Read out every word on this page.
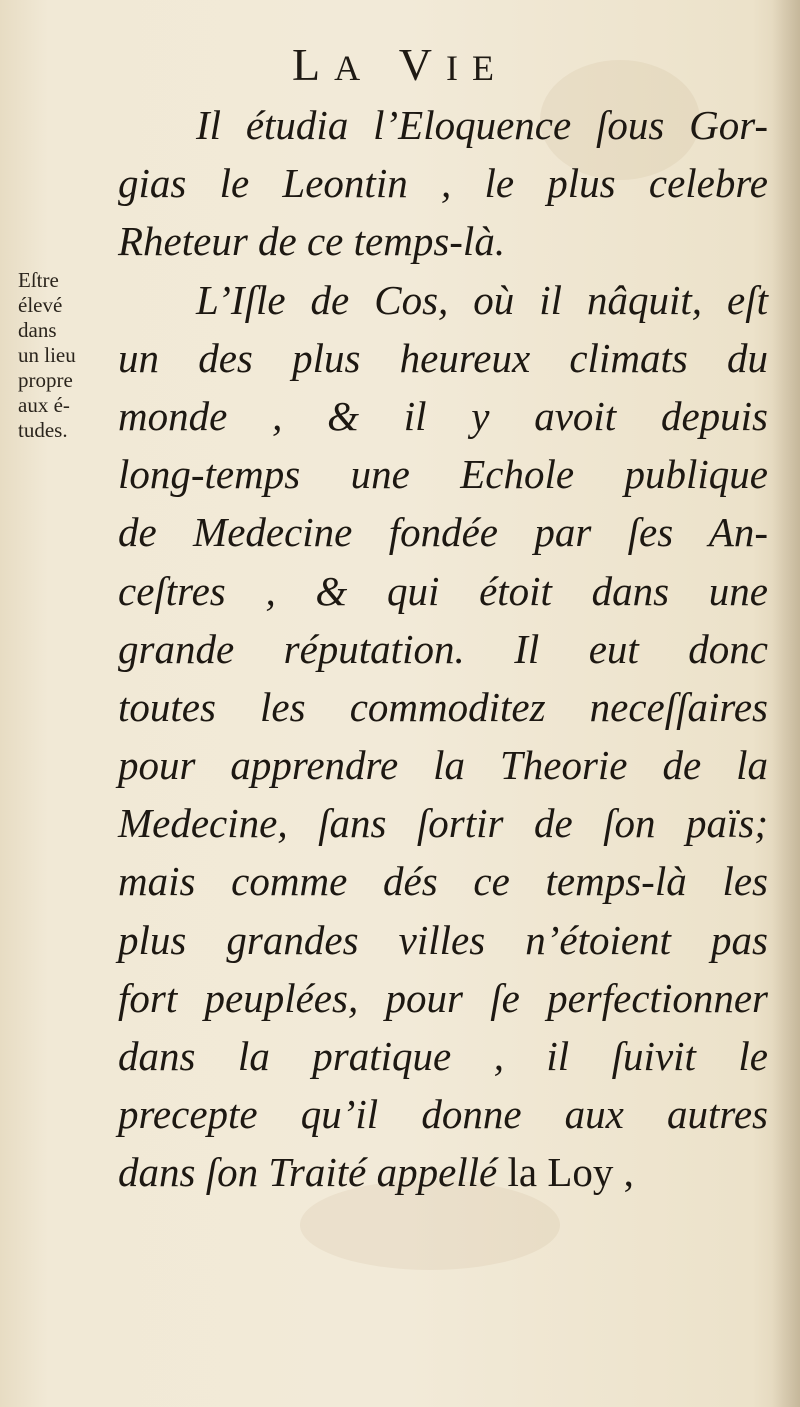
LA VIE
Eſtre
élevé
dans
un lieu
propre
aux é-
tudes.
Il étudia l’Eloquence ſous Gor-
gias le Leontin , le plus celebre
Rheteur de ce temps-là.
L’Iſle de Cos, où il nâquit, eſt
un des plus heureux climats du
monde , & il y avoit depuis
long-temps une Echole publique
de Medecine fondée par ſes An-
ceſtres , & qui étoit dans une
grande réputation. Il eut donc
toutes les commoditez neceſſaires
pour apprendre la Theorie de la
Medecine, ſans ſortir de ſon païs;
mais comme dés ce temps-là les
plus grandes villes n’étoient pas
fort peuplées, pour ſe perfectionner
dans la pratique , il ſuivit le
precepte qu’il donne aux autres
dans ſon Traité appellé la Loy ,
